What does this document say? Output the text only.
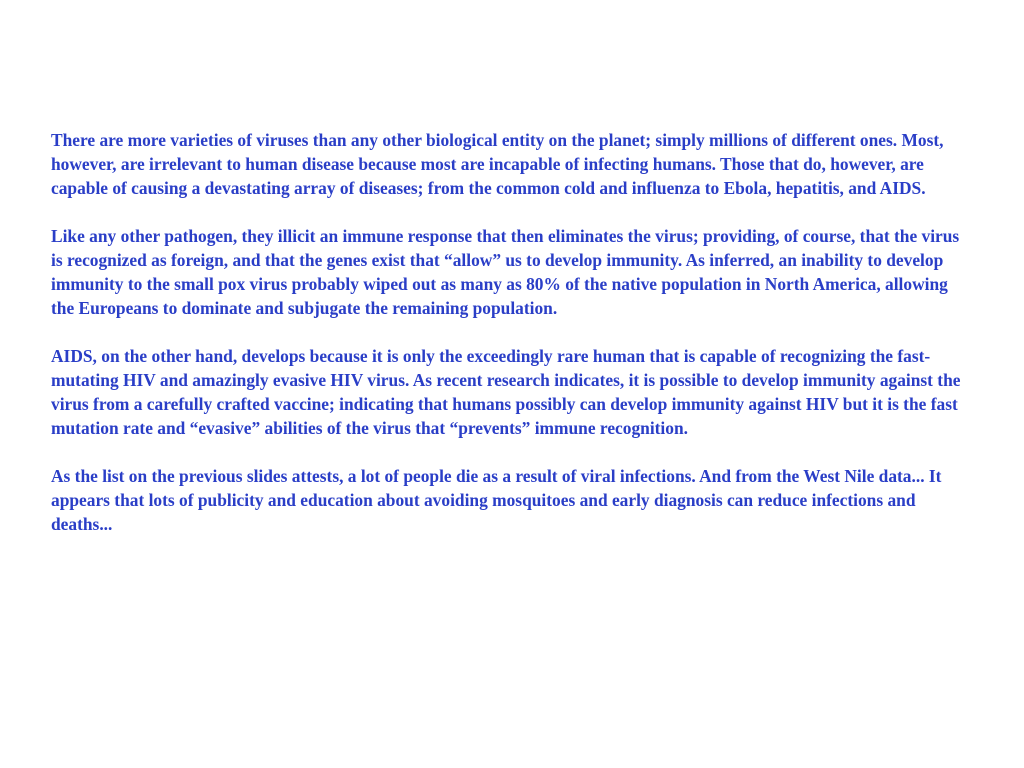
There are more varieties of viruses than any other biological entity on the planet; simply millions of different ones. Most, however, are irrelevant to human disease because most are incapable of infecting humans. Those that do, however, are capable of causing a devastating array of diseases; from the common cold and influenza to Ebola, hepatitis, and AIDS.

Like any other pathogen, they illicit an immune response that then eliminates the virus; providing, of course, that the virus is recognized as foreign, and that the genes exist that “allow” us to develop immunity. As inferred, an inability to develop immunity to the small pox virus probably wiped out as many as 80% of the native population in North America, allowing the Europeans to dominate and subjugate the remaining population.

AIDS, on the other hand, develops because it is only the exceedingly rare human that is capable of recognizing the fast-mutating HIV and amazingly evasive HIV virus. As recent research indicates, it is possible to develop immunity against the virus from a carefully crafted vaccine; indicating that humans possibly can develop immunity against HIV but it is the fast mutation rate and “evasive” abilities of the virus that “prevents” immune recognition.

As the list on the previous slides attests, a lot of people die as a result of viral infections. And from the West Nile data... It appears that lots of publicity and education about avoiding mosquitoes and early diagnosis can reduce infections and deaths...
